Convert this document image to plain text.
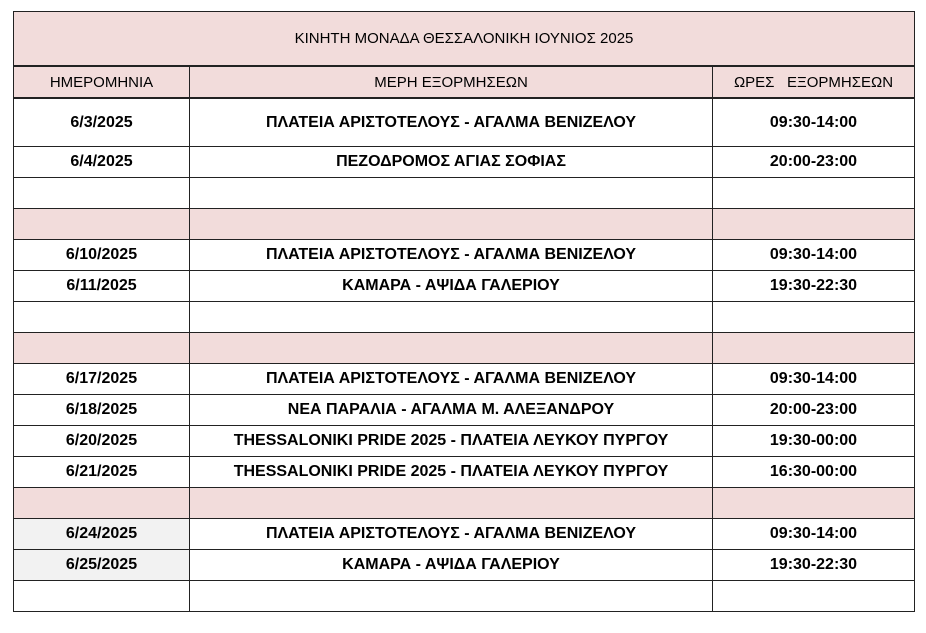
ΚΙΝΗΤΗ ΜΟΝΑΔΑ ΘΕΣΣΑΛΟΝΙΚΗ ΙΟΥΝΙΟΣ 2025		
ΗΜΕΡΟΜΗΝΙΑ	ΜΕΡΗ ΕΞΟΡΜΗΣΕΩΝ	ΩΡΕΣ   ΕΞΟΡΜΗΣΕΩΝ
6/3/2025	ΠΛΑΤΕΙΑ ΑΡΙΣΤΟΤΕΛΟΥΣ - ΑΓΑΛΜΑ ΒΕΝΙΖΕΛΟΥ	09:30-14:00
6/4/2025	ΠΕΖΟΔΡΟΜΟΣ ΑΓΙΑΣ ΣΟΦΙΑΣ	20:00-23:00

6/10/2025	ΠΛΑΤΕΙΑ ΑΡΙΣΤΟΤΕΛΟΥΣ - ΑΓΑΛΜΑ ΒΕΝΙΖΕΛΟΥ	09:30-14:00
6/11/2025	ΚΑΜΑΡΑ - ΑΨΙΔΑ ΓΑΛΕΡΙΟΥ	19:30-22:30

6/17/2025	ΠΛΑΤΕΙΑ ΑΡΙΣΤΟΤΕΛΟΥΣ - ΑΓΑΛΜΑ ΒΕΝΙΖΕΛΟΥ	09:30-14:00
6/18/2025	ΝΕΑ ΠΑΡΑΛΙΑ - ΑΓΑΛΜΑ Μ. ΑΛΕΞΑΝΔΡΟΥ	20:00-23:00
6/20/2025	THESSALONIKI PRIDE 2025 - ΠΛΑΤΕΙΑ ΛΕΥΚΟΥ ΠΥΡΓΟΥ	19:30-00:00
6/21/2025	THESSALONIKI PRIDE 2025 - ΠΛΑΤΕΙΑ ΛΕΥΚΟΥ ΠΥΡΓΟΥ	16:30-00:00

6/24/2025	ΠΛΑΤΕΙΑ ΑΡΙΣΤΟΤΕΛΟΥΣ - ΑΓΑΛΜΑ ΒΕΝΙΖΕΛΟΥ	09:30-14:00
6/25/2025	ΚΑΜΑΡΑ - ΑΨΙΔΑ ΓΑΛΕΡΙΟΥ	19:30-22:30
